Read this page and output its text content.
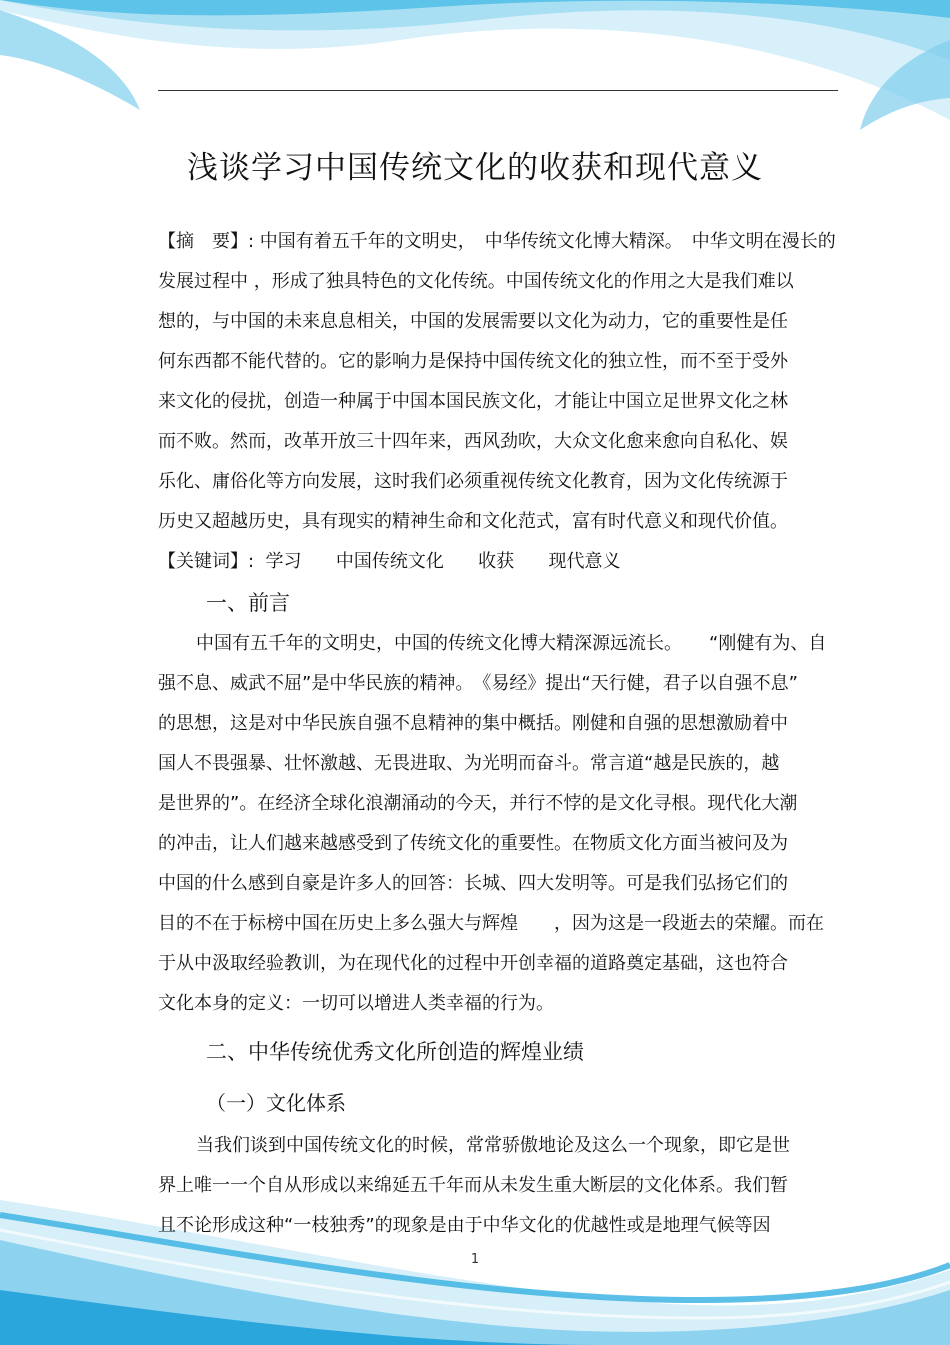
浅谈学习中国传统文化的收获和现代意义
【摘　要】: 中国有着五千年的文明史，　中华传统文化博大精深。　中华文明在漫长的
发展过程中 ，形成了独具特色的文化传统。中国传统文化的作用之大是我们难以
想的，与中国的未来息息相关，中国的发展需要以文化为动力，它的重要性是任
何东西都不能代替的。它的影响力是保持中国传统文化的独立性，而不至于受外
来文化的侵扰，创造一种属于中国本国民族文化，才能让中国立足世界文化之林
而不败。然而，改革开放三十四年来，西风劲吹，大众文化愈来愈向自私化、娱
乐化、庸俗化等方向发展，这时我们必须重视传统文化教育，因为文化传统源于
历史又超越历史，具有现实的精神生命和文化范式，富有时代意义和现代价值。
【关键词】:  学习      中国传统文化      收获      现代意义
一、前言
中国有五千年的文明史，中国的传统文化博大精深源远流长。　　“刚健有为、自
强不息、威武不屈”是中华民族的精神。　《易经》提出“天行健，君子以自强不息”
的思想，这是对中华民族自强不息精神的集中概括。刚健和自强的思想激励着中
国人不畏强暴、壮怀激越、无畏进取、为光明而奋斗。常言道“越是民族的，越
是世界的”。在经济全球化浪潮涌动的今天，并行不悖的是文化寻根。现代化大潮
的冲击，让人们越来越感受到了传统文化的重要性。在物质文化方面当被问及为
中国的什么感到自豪是许多人的回答：长城、四大发明等。可是我们弘扬它们的
目的不在于标榜中国在历史上多么强大与辉煌　　，因为这是一段逝去的荣耀。而在
于从中汲取经验教训，为在现代化的过程中开创幸福的道路奠定基础，这也符合
文化本身的定义：一切可以增进人类幸福的行为。
二、中华传统优秀文化所创造的辉煌业绩
（一）文化体系
当我们谈到中国传统文化的时候，常常骄傲地论及这么一个现象，即它是世
界上唯一一个自从形成以来绵延五千年而从未发生重大断层的文化体系。我们暂
且不论形成这种“一枝独秀”的现象是由于中华文化的优越性或是地理气候等因
1
